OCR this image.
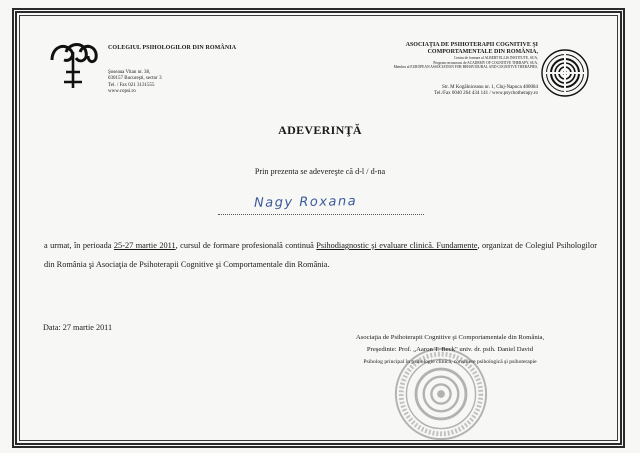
COLEGIUL PSIHOLOGILOR DIN ROMÂNIA
Şoseaua Vitan nr. 38,
030157 Bucureşti, sector 3
Tel. / Fax 021 3131555
www.copsi.ro
ASOCIAŢIA DE PSIHOTERAPII COGNITIVE ŞI
COMPORTAMENTALE DIN ROMÂNIA,
Centru de formare al ALBERT ELLIS INSTITUTE, SUA,
Program recunoscut de ACADEMY OF COGNITIVE THERAPY, SUA,
Membru al EUROPEAN ASSOCIATION FOR BEHAVIOURAL AND COGNITIVE THERAPIES,
Str. M Kogălniceanu nr. 1, Cluj-Napoca 400084
Tel./Fax 0040 264 434 141 / www.psychotherapy.ro
ADEVERINŢĂ
Prin prezenta se adevereşte că d-l / d-na
Nagy Roxana
a urmat, în perioada 25-27 martie 2011, cursul de formare profesională continuă Psihodiagnostic şi evaluare clinică. Fundamente, organizat de Colegiul Psihologilor din România şi Asociaţia de Psihoterapii Cognitive şi Comportamentale din România.
Data: 27 martie 2011
Asociaţia de Psihoterapii Cognitive şi Comportamentale din România,
Preşedinte: Prof. „Aaron T. Beck" univ. dr. psih. Daniel David
Psiholog principal în psihologie clinică, consiliere psihologică şi psihoterapie
